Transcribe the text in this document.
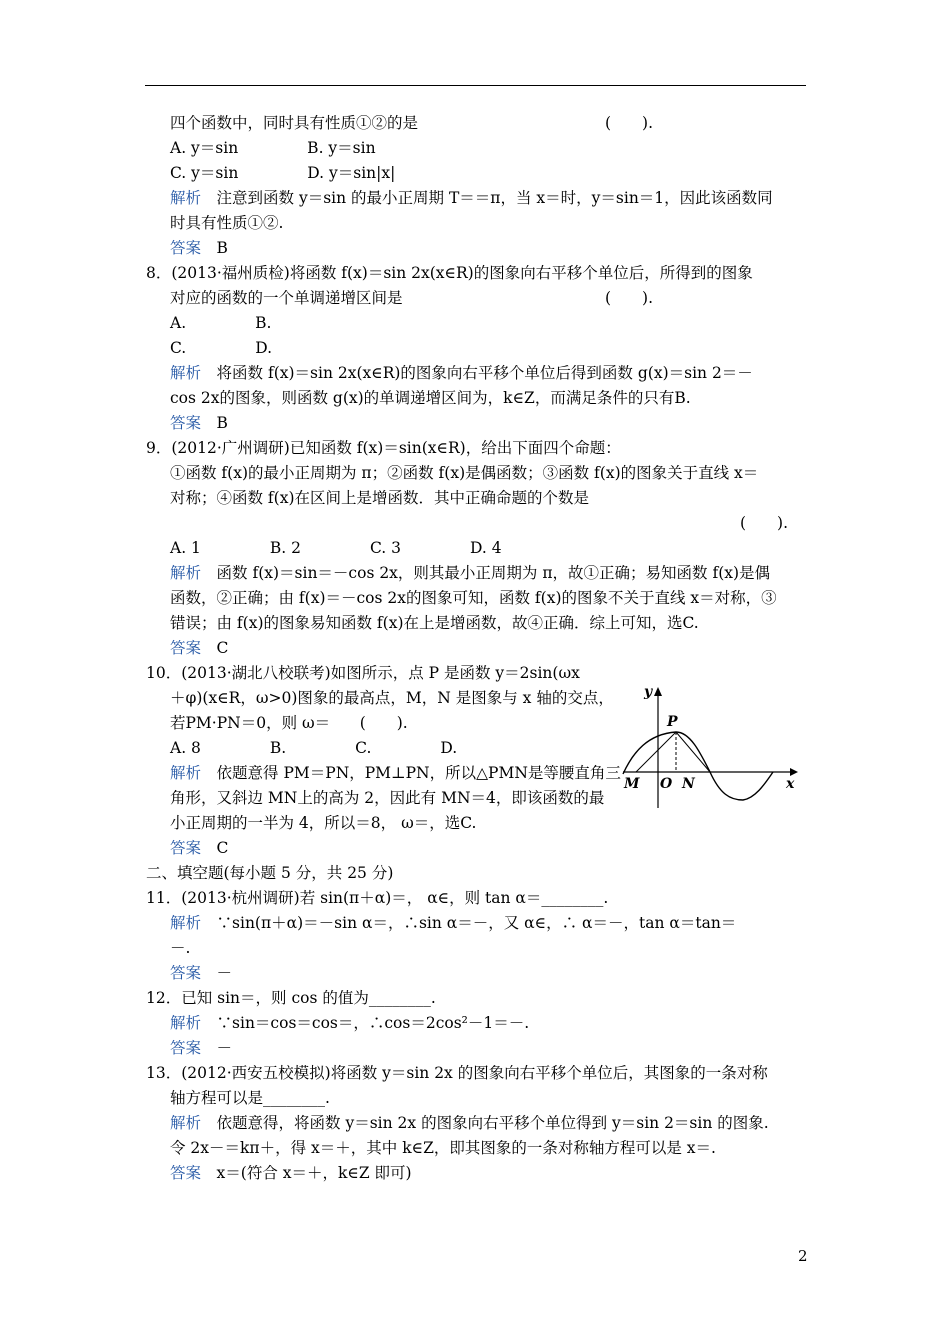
四个函数中，同时具有性质①②的是	(　　).
A. y＝sin              B. y＝sin
C. y＝sin              D. y＝sin|x|
解析　 注意到函数 y＝sin 的最小正周期 T＝＝π，当 x＝时，y＝sin＝1，因此该函数同
时具有性质①②.
答案　 B
8．(2013·福州质检)将函数 f(x)＝sin 2x(x∈R)的图象向右平移个单位后，所得到的图象
对应的函数的一个单调递增区间是	(　　).
A.              B.
C.              D.
解析　 将函数 f(x)＝sin 2x(x∈R)的图象向右平移个单位后得到函数 g(x)＝sin 2＝－
cos 2x的图象，则函数 g(x)的单调递增区间为，k∈Z，而满足条件的只有B.
答案　 B
9．(2012·广州调研)已知函数 f(x)＝sin(x∈R)，给出下面四个命题：
①函数 f(x)的最小正周期为 π；②函数 f(x)是偶函数；③函数 f(x)的图象关于直线 x＝
对称；④函数 f(x)在区间上是增函数．其中正确命题的个数是
(　　).
A. 1              B. 2              C. 3              D. 4
解析　 函数 f(x)＝sin＝－cos 2x，则其最小正周期为 π，故①正确；易知函数 f(x)是偶
函数，②正确；由 f(x)＝－cos 2x的图象可知，函数 f(x)的图象不关于直线 x＝对称，③
错误；由 f(x)的图象易知函数 f(x)在上是增函数，故④正确．综上可知，选C.
答案　 C
10．(2013·湖北八校联考)如图所示，点 P 是函数 y＝2sin(ωx
＋φ)(x∈R，ω>0)图象的最高点，M，N 是图象与 x 轴的交点，
若PM·PN＝0，则 ω＝      (　　).
A. 8              B.              C.              D.
解析　 依题意得 PM＝PN，PM⊥PN，所以△PMN是等腰直角三
角形，又斜边 MN上的高为 2，因此有 MN＝4，即该函数的最
小正周期的一半为 4，所以＝8， ω＝，选C.
答案　 C
二、填空题(每小题 5 分，共 25 分)
11．(2013·杭州调研)若 sin(π＋α)＝， α∈，则 tan α＝________.
解析　 ∵sin(π＋α)＝－sin α＝，∴sin α＝－，又 α∈，∴ α＝－，tan α＝tan＝
－.
答案　 －
12．已知 sin＝，则 cos 的值为________.
解析　 ∵sin＝cos＝cos＝，∴cos＝2cos²－1＝－.
答案　 －
13．(2012·西安五校模拟)将函数 y＝sin 2x 的图象向右平移个单位后，其图象的一条对称
轴方程可以是________.
解析　 依题意得，将函数 y＝sin 2x 的图象向右平移个单位得到 y＝sin 2＝sin 的图象.
令 2x－＝kπ＋，得 x＝＋，其中 k∈Z，即其图象的一条对称轴方程可以是 x＝.
答案　 x＝(符合 x＝＋，k∈Z 即可)
y
x
P
M O N
2
